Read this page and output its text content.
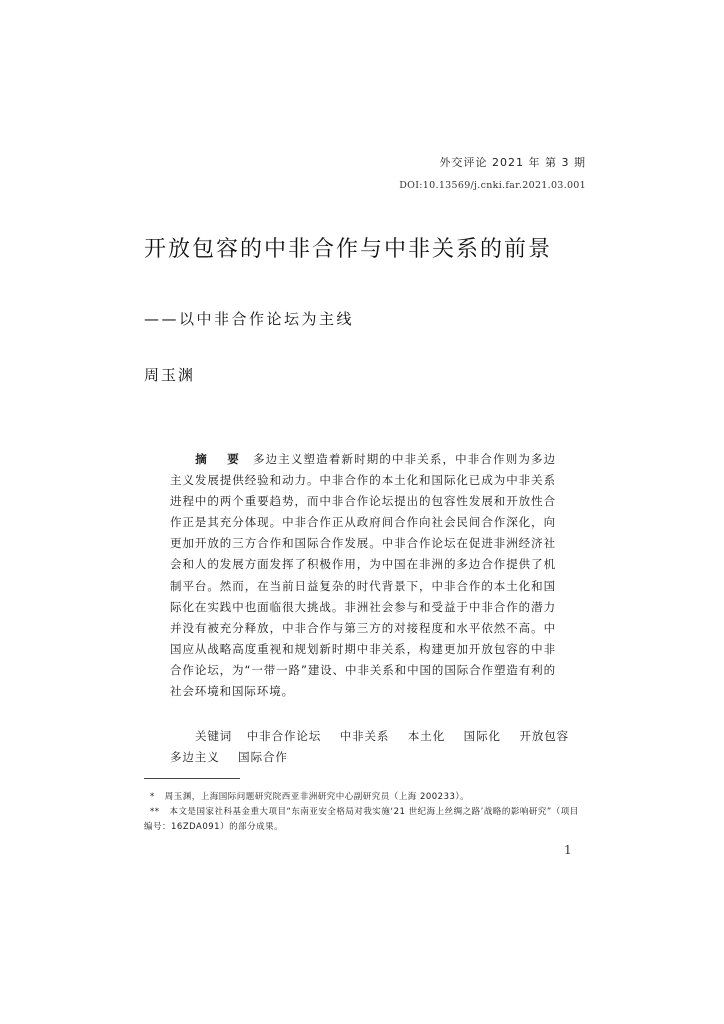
外交评论 2021 年 第 3 期
DOI:10.13569/j.cnki.far.2021.03.001
开放包容的中非合作与中非关系的前景
——以中非合作论坛为主线
周玉渊
摘 要 多边主义塑造着新时期的中非关系，中非合作则为多边主义发展提供经验和动力。中非合作的本土化和国际化已成为中非关系进程中的两个重要趋势，而中非合作论坛提出的包容性发展和开放性合作正是其充分体现。中非合作正从政府间合作向社会民间合作深化，向更加开放的三方合作和国际合作发展。中非合作论坛在促进非洲经济社会和人的发展方面发挥了积极作用，为中国在非洲的多边合作提供了机制平台。然而，在当前日益复杂的时代背景下，中非合作的本土化和国际化在实践中也面临很大挑战。非洲社会参与和受益于中非合作的潜力并没有被充分释放，中非合作与第三方的对接程度和水平依然不高。中国应从战略高度重视和规划新时期中非关系，构建更加开放包容的中非合作论坛，为“一带一路”建设、中非关系和中国的国际合作塑造有利的社会环境和国际环境。
关键词 中非合作论坛 中非关系 本土化 国际化 开放包容
多边主义 国际合作
* 周玉渊，上海国际问题研究院西亚非洲研究中心副研究员（上海 200233）。
** 本文是国家社科基金重大项目“东南亚安全格局对我实施‘21 世纪海上丝绸之路’战略的影响研究”（项目编号：16ZDA091）的部分成果。
1
